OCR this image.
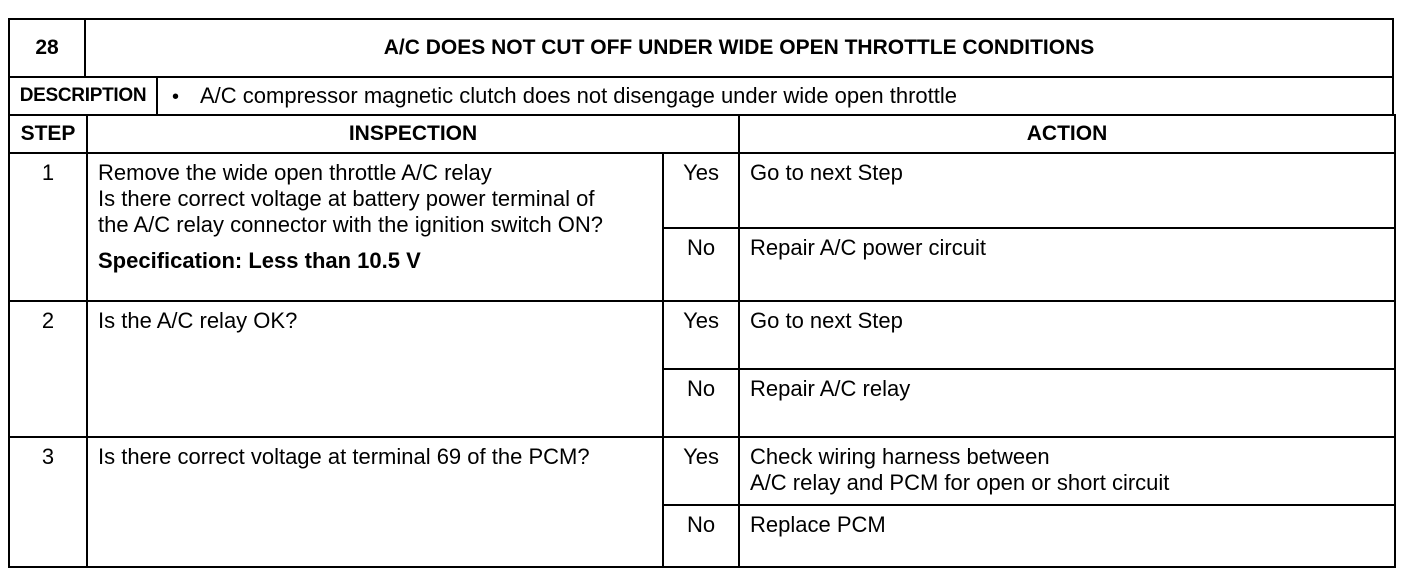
28	A/C DOES NOT CUT OFF UNDER WIDE OPEN THROTTLE CONDITIONS
DESCRIPTION	• A/C compressor magnetic clutch does not disengage under wide open throttle
STEP	INSPECTION		ACTION
1	Remove the wide open throttle A/C relay
Is there correct voltage at battery power terminal of
the A/C relay connector with the ignition switch ON?
Specification: Less than 10.5 V	Yes	Go to next Step

		No	Repair A/C power circuit

2	Is the A/C relay OK?	Yes	Go to next Step

		No	Repair A/C relay

3	Is there correct voltage at terminal 69 of the PCM?	Yes	Check wiring harness between
A/C relay and PCM for open or short circuit

		No	Replace PCM
